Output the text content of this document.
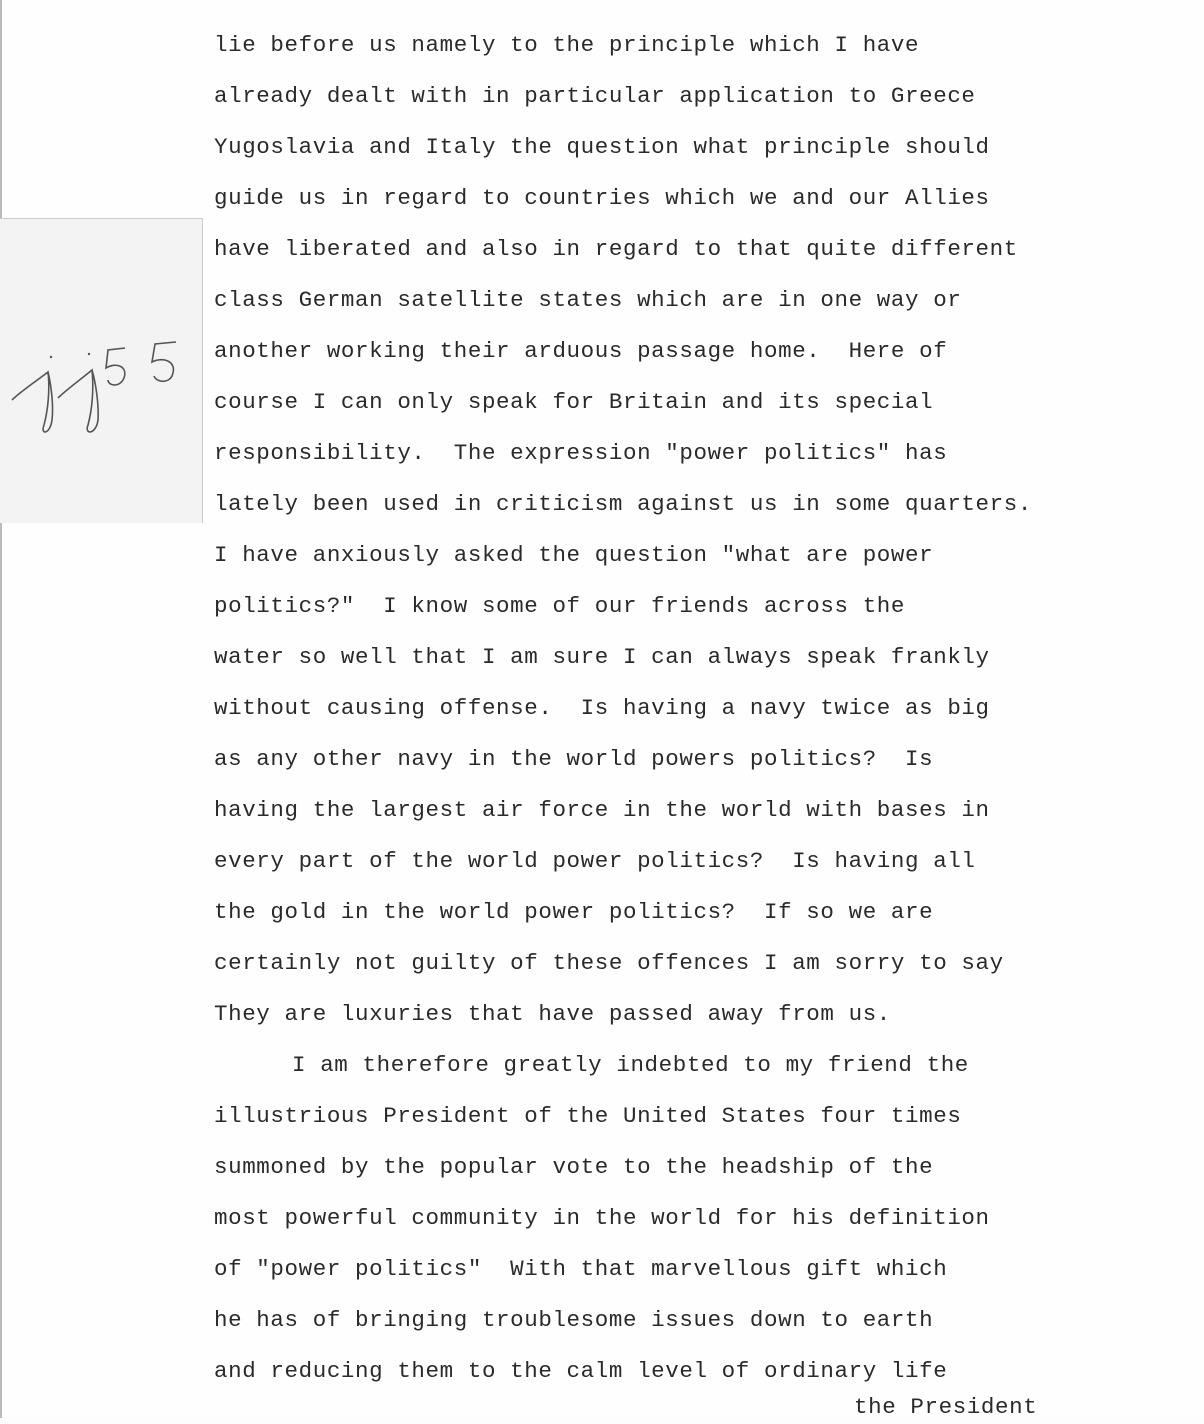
lie before us namely to the principle which I have
already dealt with in particular application to Greece
Yugoslavia and Italy the question what principle should
guide us in regard to countries which we and our Allies
have liberated and also in regard to that quite different
class German satellite states which are in one way or
another working their arduous passage home.  Here of
course I can only speak for Britain and its special
responsibility.  The expression "power politics" has
lately been used in criticism against us in some quarters.
I have anxiously asked the question "what are power
politics?"  I know some of our friends across the
water so well that I am sure I can always speak frankly
without causing offense.  Is having a navy twice as big
as any other navy in the world powers politics?  Is
having the largest air force in the world with bases in
every part of the world power politics?  Is having all
the gold in the world power politics?  If so we are
certainly not guilty of these offences I am sorry to say
They are luxuries that have passed away from us.
I am therefore greatly indebted to my friend the
illustrious President of the United States four times
summoned by the popular vote to the headship of the
most powerful community in the world for his definition
of "power politics"  With that marvellous gift which
he has of bringing troublesome issues down to earth
and reducing them to the calm level of ordinary life
the President
